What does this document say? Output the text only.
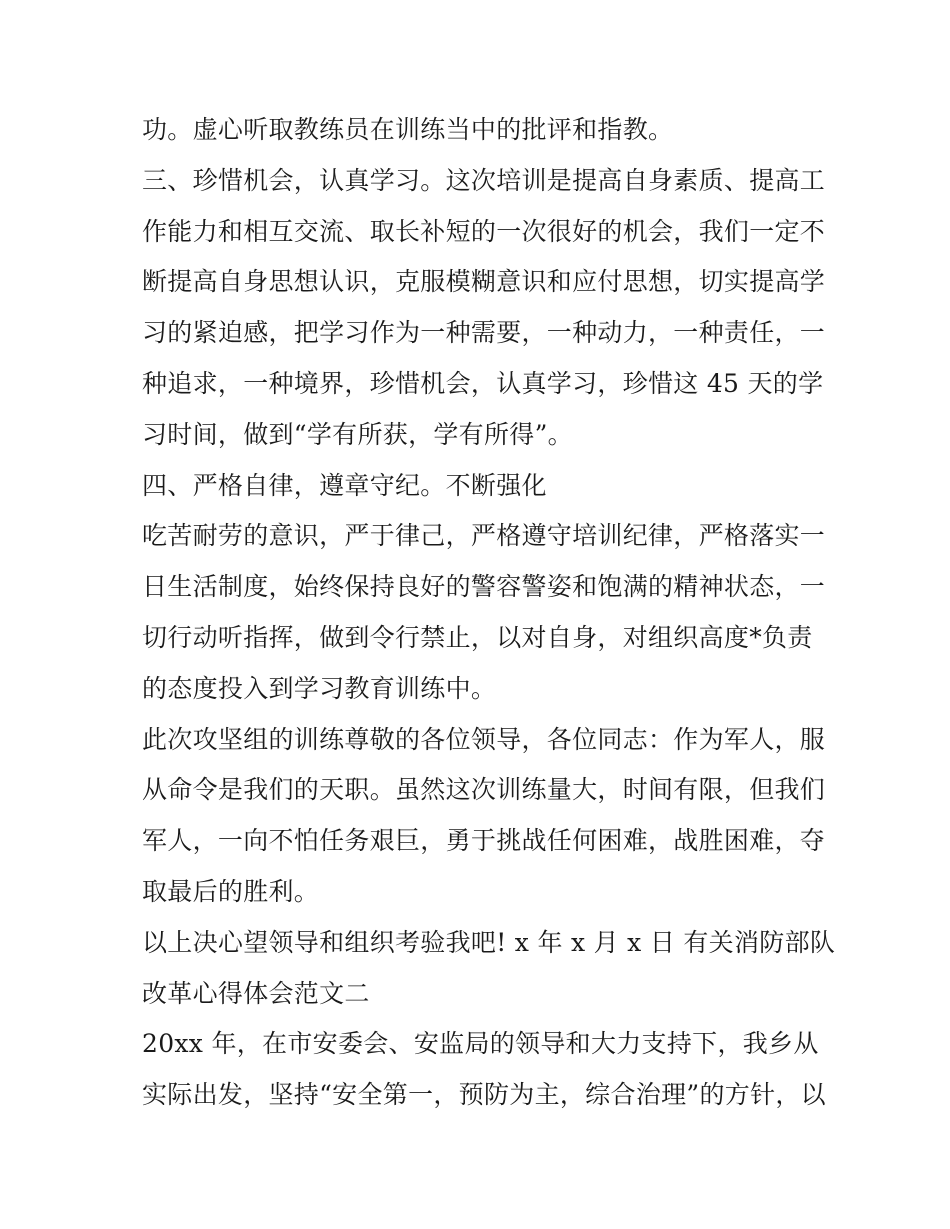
功。虚心听取教练员在训练当中的批评和指教。
三、珍惜机会，认真学习。这次培训是提高自身素质、提高工
作能力和相互交流、取长补短的一次很好的机会，我们一定不
断提高自身思想认识，克服模糊意识和应付思想，切实提高学
习的紧迫感，把学习作为一种需要，一种动力，一种责任，一
种追求，一种境界，珍惜机会，认真学习，珍惜这 45 天的学
习时间，做到“学有所获，学有所得”。
四、严格自律，遵章守纪。不断强化
吃苦耐劳的意识，严于律己，严格遵守培训纪律，严格落实一
日生活制度，始终保持良好的警容警姿和饱满的精神状态，一
切行动听指挥，做到令行禁止，以对自身，对组织高度*负责
的态度投入到学习教育训练中。
此次攻坚组的训练尊敬的各位领导，各位同志：作为军人，服
从命令是我们的天职。虽然这次训练量大，时间有限，但我们
军人，一向不怕任务艰巨，勇于挑战任何困难，战胜困难，夺
取最后的胜利。
以上决心望领导和组织考验我吧! x 年 x 月 x 日 有关消防部队
改革心得体会范文二
20xx 年，在市安委会、安监局的领导和大力支持下，我乡从
实际出发，坚持“安全第一，预防为主，综合治理”的方针，以
